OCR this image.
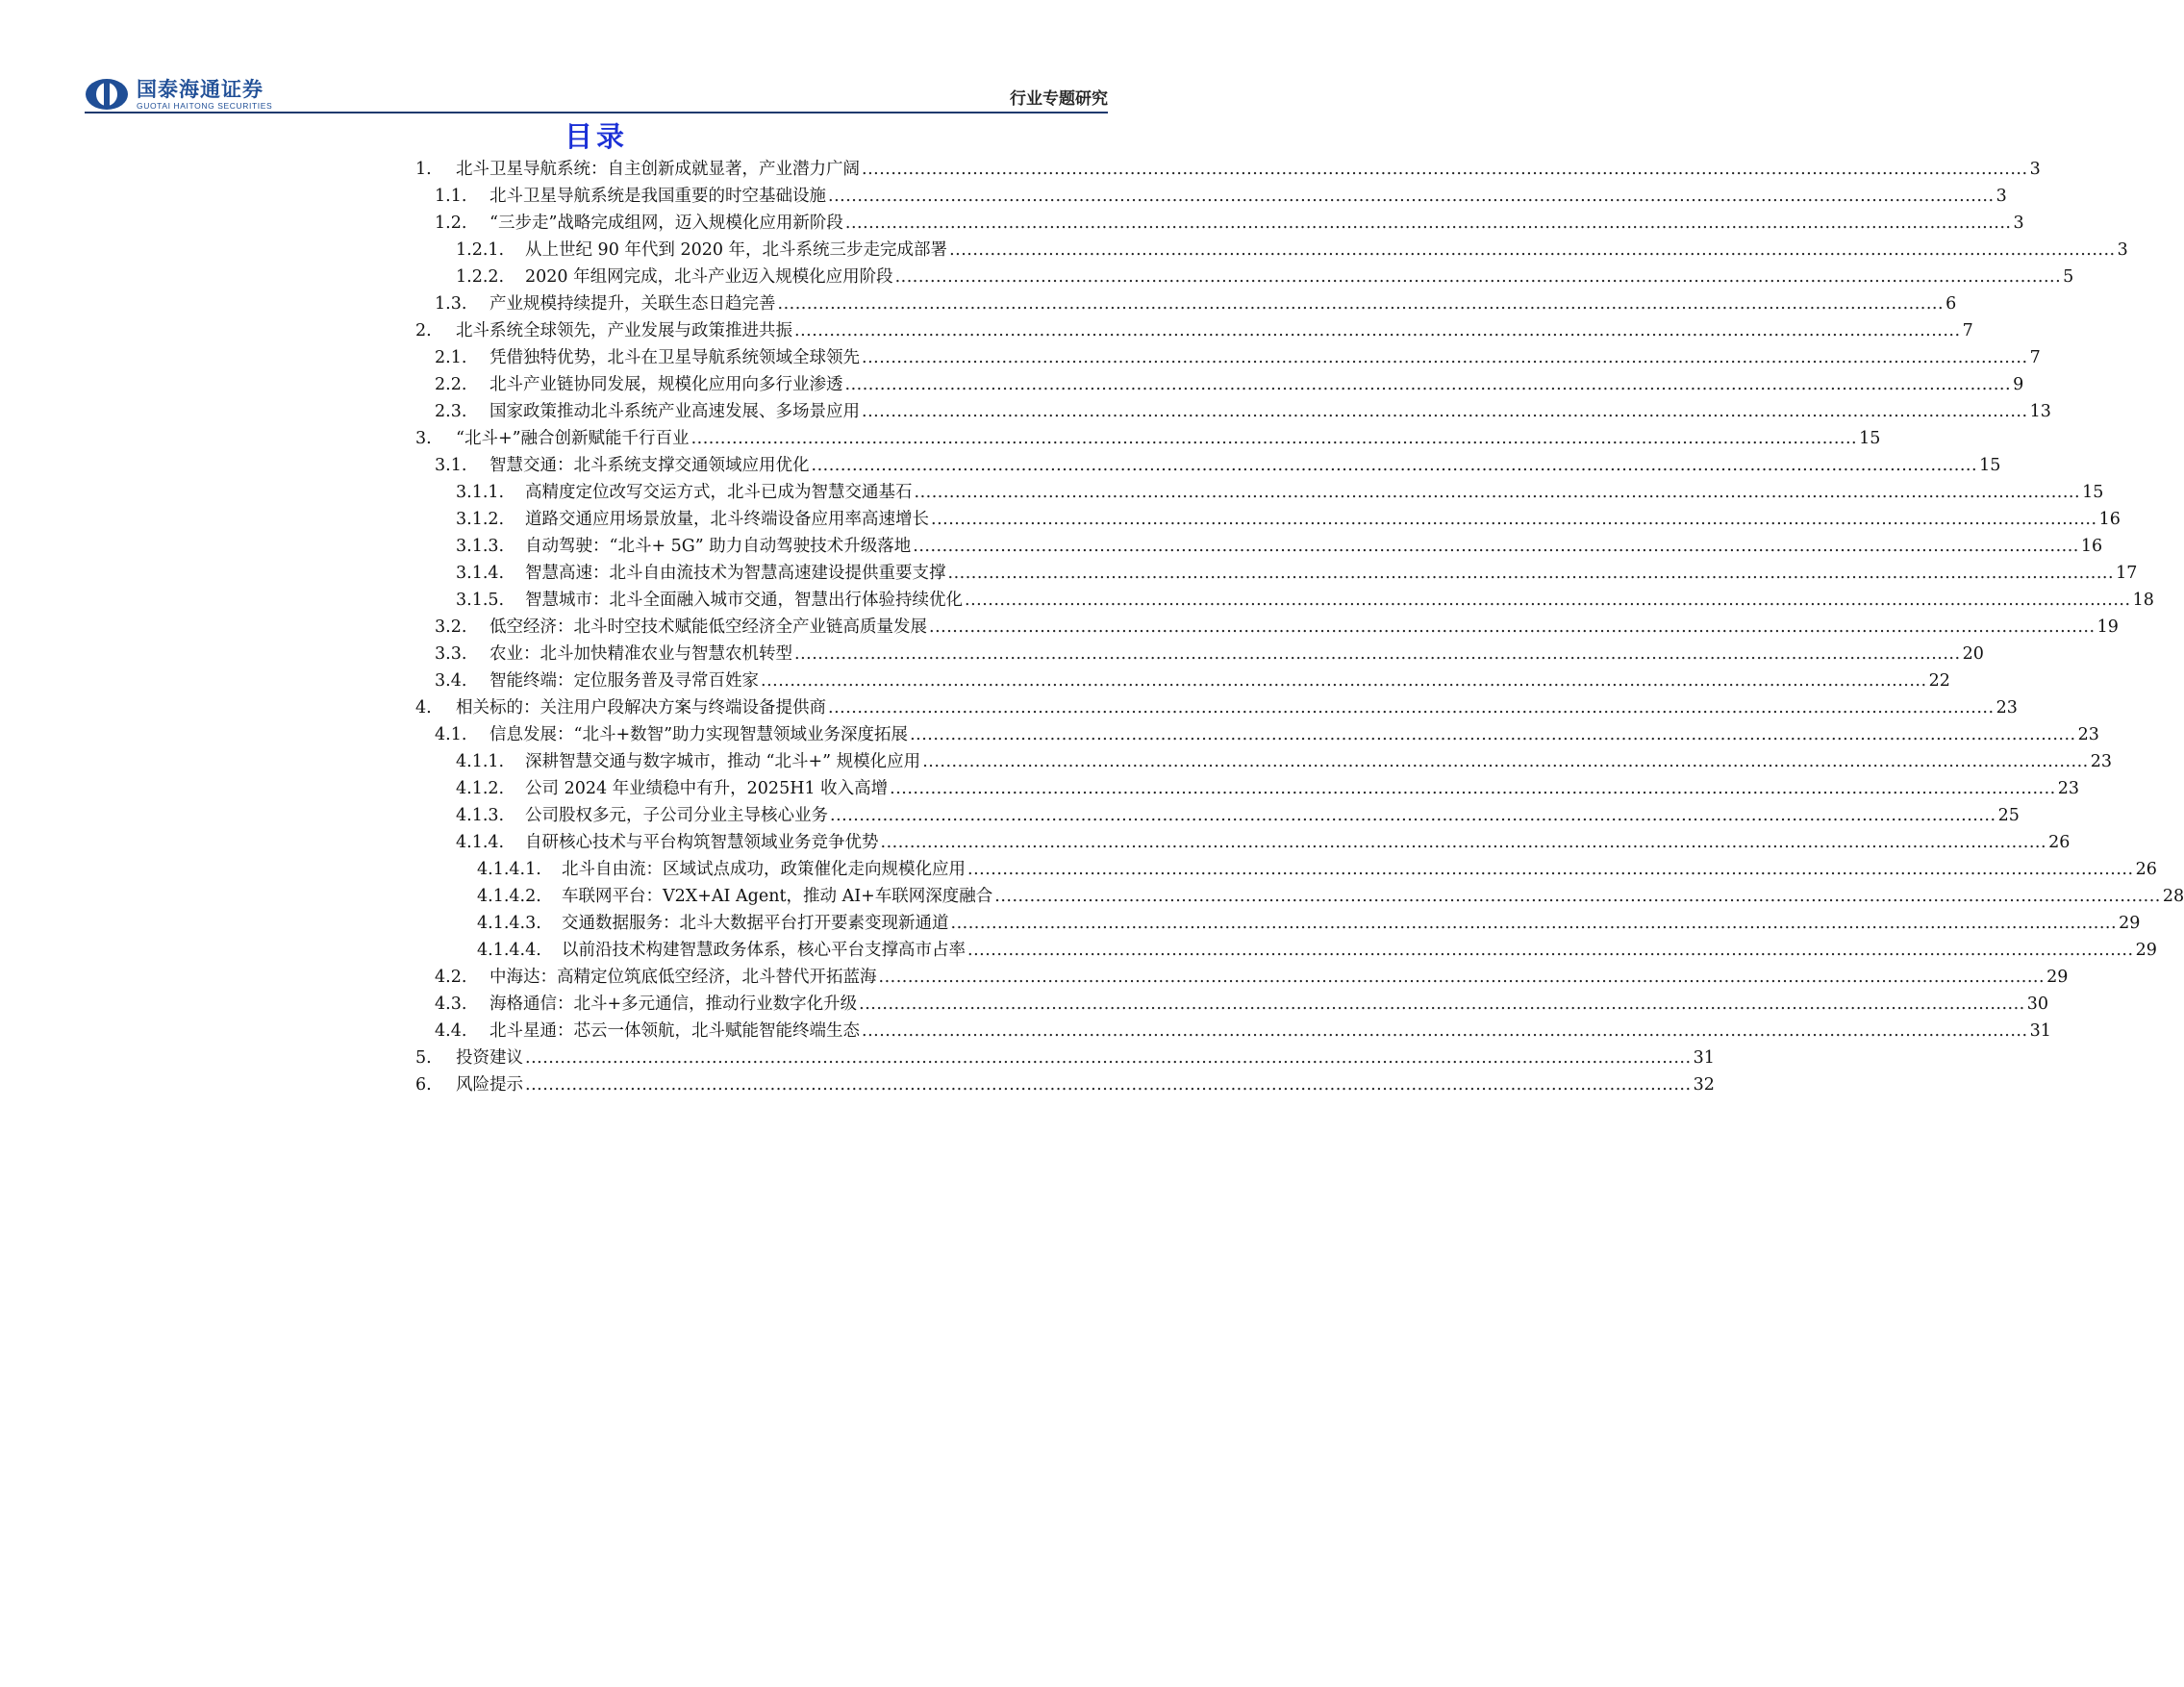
国泰海通证券
GUOTAI HAITONG SECURITIES	行业专题研究
目录
1.	北斗卫星导航系统：自主创新成就显著，产业潜力广阔 .....	3
1.1.	北斗卫星导航系统是我国重要的时空基础设施 .....	3
1.2.	“三步走”战略完成组网，迈入规模化应用新阶段 .....	3
1.2.1.	从上世纪 90 年代到 2020 年，北斗系统三步走完成部署 .....	3
1.2.2.	2020 年组网完成，北斗产业迈入规模化应用阶段 .....	5
1.3.	产业规模持续提升，关联生态日趋完善 .....	6
2.	北斗系统全球领先，产业发展与政策推进共振 .....	7
2.1.	凭借独特优势，北斗在卫星导航系统领域全球领先 .....	7
2.2.	北斗产业链协同发展，规模化应用向多行业渗透 .....	9
2.3.	国家政策推动北斗系统产业高速发展、多场景应用 .....	13
3.	“北斗+”融合创新赋能千行百业 .....	15
3.1.	智慧交通：北斗系统支撑交通领域应用优化 .....	15
3.1.1.	高精度定位改写交运方式，北斗已成为智慧交通基石 .....	15
3.1.2.	道路交通应用场景放量，北斗终端设备应用率高速增长 .....	16
3.1.3.	自动驾驶：“北斗+ 5G” 助力自动驾驶技术升级落地 .....	16
3.1.4.	智慧高速：北斗自由流技术为智慧高速建设提供重要支撑 .....	17
3.1.5.	智慧城市：北斗全面融入城市交通，智慧出行体验持续优化 .....	18
3.2.	低空经济：北斗时空技术赋能低空经济全产业链高质量发展 .....	19
3.3.	农业：北斗加快精准农业与智慧农机转型 .....	20
3.4.	智能终端：定位服务普及寻常百姓家 .....	22
4.	相关标的：关注用户段解决方案与终端设备提供商 .....	23
4.1.	信息发展：“北斗+数智”助力实现智慧领域业务深度拓展 .....	23
4.1.1.	深耕智慧交通与数字城市，推动 “北斗+” 规模化应用 .....	23
4.1.2.	公司 2024 年业绩稳中有升，2025H1 收入高增 .....	23
4.1.3.	公司股权多元，子公司分业主导核心业务 .....	25
4.1.4.	自研核心技术与平台构筑智慧领域业务竞争优势 .....	26
4.1.4.1.	北斗自由流：区域试点成功，政策催化走向规模化应用 .....	26
4.1.4.2.	车联网平台：V2X+AI Agent，推动 AI+车联网深度融合 .....	28
4.1.4.3.	交通数据服务：北斗大数据平台打开要素变现新通道 .....	29
4.1.4.4.	以前沿技术构建智慧政务体系，核心平台支撑高市占率 .....	29
4.2.	中海达：高精定位筑底低空经济，北斗替代开拓蓝海 .....	29
4.3.	海格通信：北斗+多元通信，推动行业数字化升级 .....	30
4.4.	北斗星通：芯云一体领航，北斗赋能智能终端生态 .....	31
5.	投资建议 .....	31
6.	风险提示 .....	32
